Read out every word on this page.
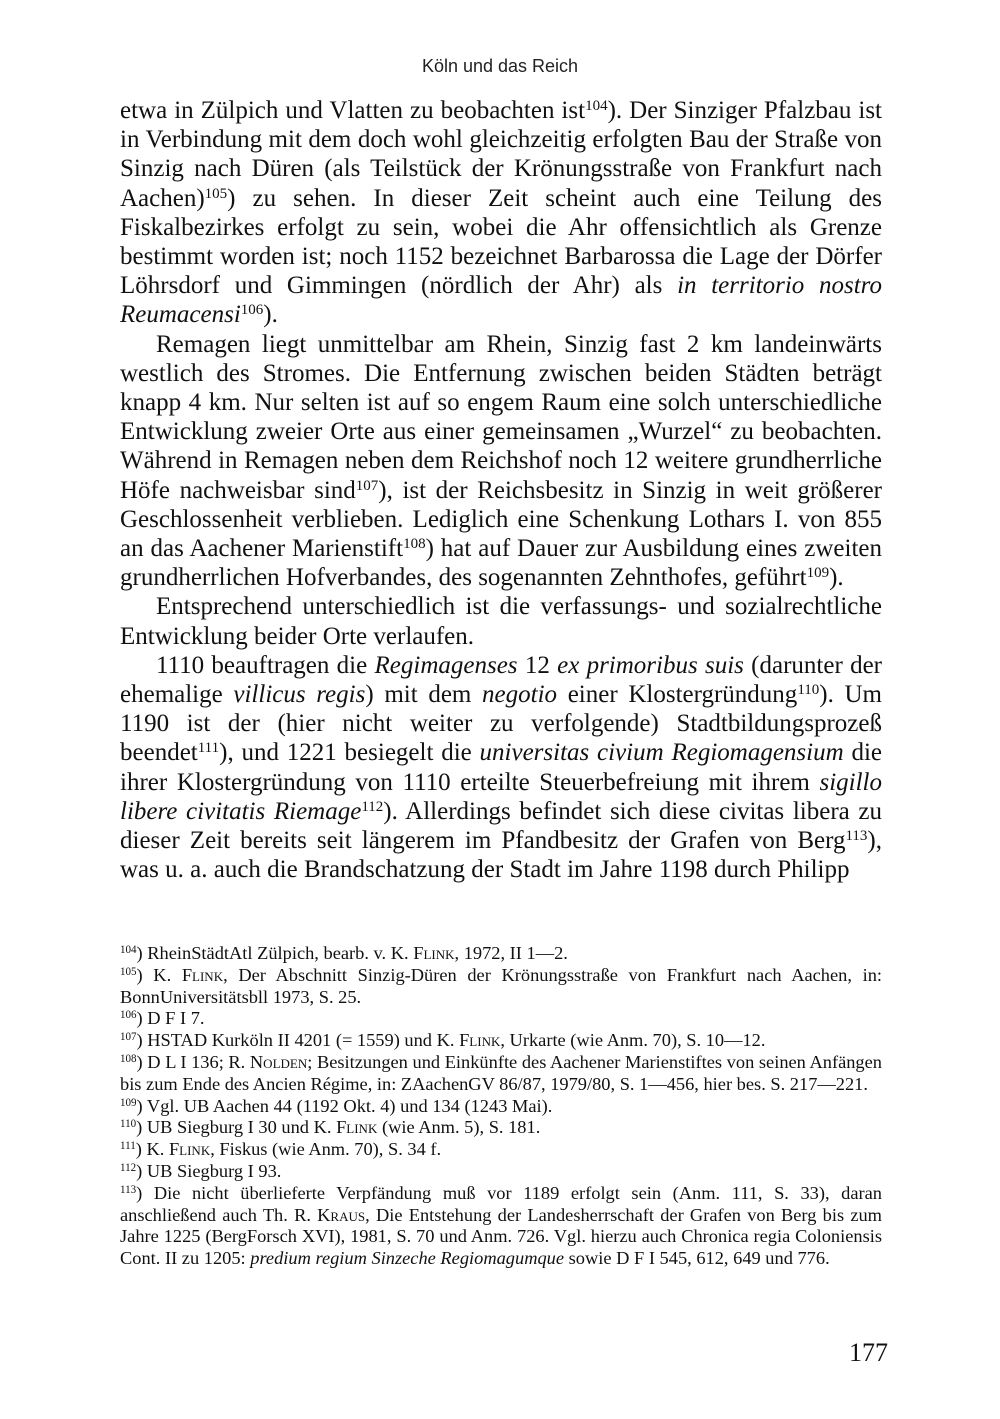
Köln und das Reich

etwa in Zülpich und Vlatten zu beobachten ist$^{104}$). Der Sinziger Pfalzbau ist in Verbindung mit dem doch wohl gleichzeitig erfolgten Bau der Straße von Sinzig nach Düren (als Teilstück der Krönungsstraße von Frankfurt nach Aachen)$^{105}$) zu sehen. In dieser Zeit scheint auch eine Teilung des Fiskalbezirkes erfolgt zu sein, wobei die Ahr offensichtlich als Grenze bestimmt worden ist; noch 1152 bezeichnet Barbarossa die Lage der Dörfer Löhrsdorf und Gimmingen (nördlich der Ahr) als in territorio nostro Reumacensi$^{106}$).

Remagen liegt unmittelbar am Rhein, Sinzig fast 2 km landeinwärts westlich des Stromes. Die Entfernung zwischen beiden Städten beträgt knapp 4 km. Nur selten ist auf so engem Raum eine solch unterschiedliche Entwicklung zweier Orte aus einer gemeinsamen „Wurzel“ zu beobachten. Während in Remagen neben dem Reichshof noch 12 weitere grundherrliche Höfe nachweisbar sind$^{107}$), ist der Reichsbesitz in Sinzig in weit größerer Geschlossenheit verblieben. Lediglich eine Schenkung Lothars I. von 855 an das Aachener Marienstift$^{108}$) hat auf Dauer zur Ausbildung eines zweiten grundherrlichen Hofverbandes, des sogenannten Zehnthofes, geführt$^{109}$).

Entsprechend unterschiedlich ist die verfassungs- und sozialrechtliche Entwicklung beider Orte verlaufen.

1110 beauftragen die Regimagenses 12 ex primoribus suis (darunter der ehemalige villicus regis) mit dem negotio einer Klostergründung$^{110}$). Um 1190 ist der (hier nicht weiter zu verfolgende) Stadtbildungsprozeß beendet$^{111}$), und 1221 besiegelt die universitas civium Regiomagensium die ihrer Klostergründung von 1110 erteilte Steuerbefreiung mit ihrem sigillo libere civitatis Riemage$^{112}$). Allerdings befindet sich diese civitas libera zu dieser Zeit bereits seit längerem im Pfandbesitz der Grafen von Berg$^{113}$), was u. a. auch die Brandschatzung der Stadt im Jahre 1198 durch Philipp

$^{104}$) RheinStädtAtl Zülpich, bearb. v. K. Flink, 1972, II 1—2.

$^{105}$) K. Flink, Der Abschnitt Sinzig-Düren der Krönungsstraße von Frankfurt nach Aachen, in: BonnUniversitätsbll 1973, S. 25.

$^{106}$) D F I 7.

$^{107}$) HSTAD Kurköln II 4201 (= 1559) und K. Flink, Urkarte (wie Anm. 70), S. 10—12.

$^{108}$) D L I 136; R. Nolden; Besitzungen und Einkünfte des Aachener Marienstiftes von seinen Anfängen bis zum Ende des Ancien Régime, in: ZAachenGV 86/87, 1979/80, S. 1—456, hier bes. S. 217—221.

$^{109}$) Vgl. UB Aachen 44 (1192 Okt. 4) und 134 (1243 Mai).

$^{110}$) UB Siegburg I 30 und K. Flink (wie Anm. 5), S. 181.

$^{111}$) K. Flink, Fiskus (wie Anm. 70), S. 34 f.

$^{112}$) UB Siegburg I 93.

$^{113}$) Die nicht überlieferte Verpfändung muß vor 1189 erfolgt sein (Anm. 111, S. 33), daran anschließend auch Th. R. Kraus, Die Entstehung der Landesherrschaft der Grafen von Berg bis zum Jahre 1225 (BergForsch XVI), 1981, S. 70 und Anm. 726. Vgl. hierzu auch Chronica regia Coloniensis Cont. II zu 1205: predium regium Sinzeche Regiomagumque sowie D F I 545, 612, 649 und 776.

177
